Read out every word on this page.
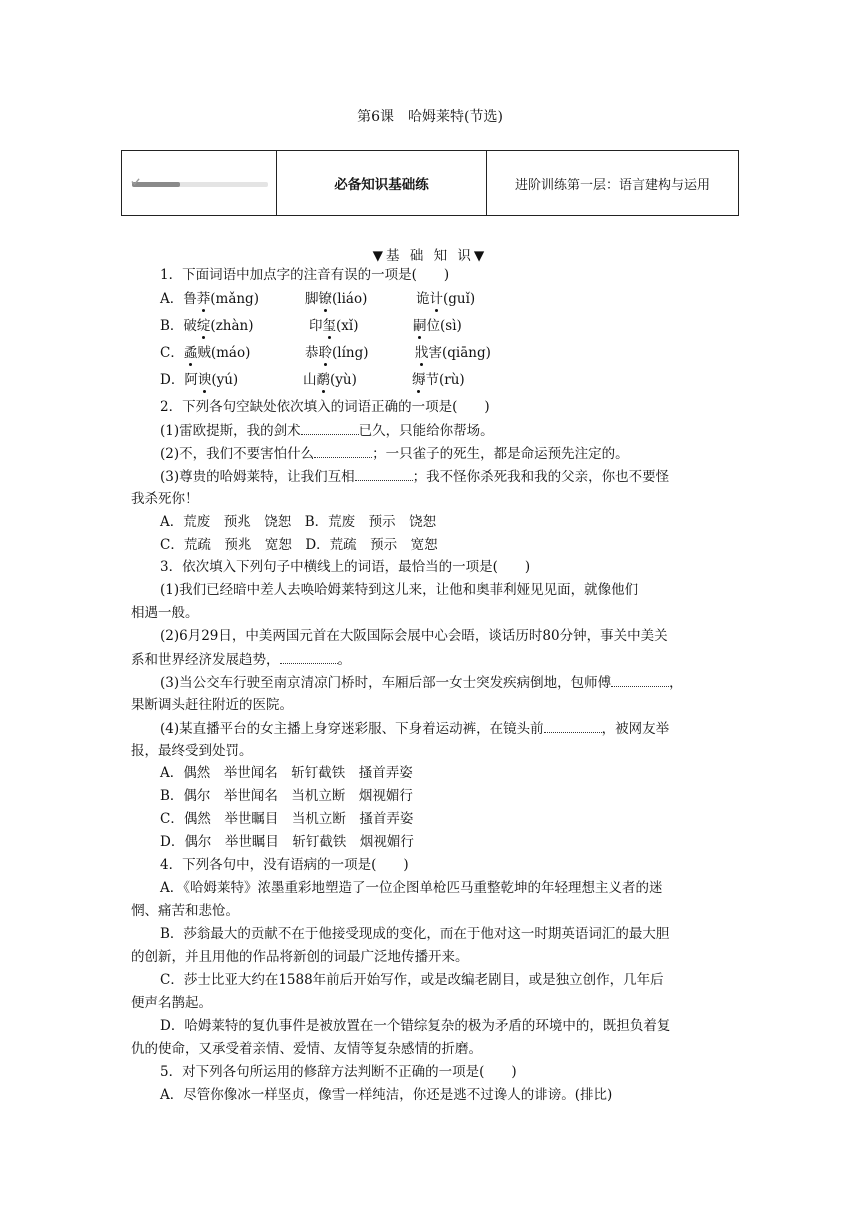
第6课　哈姆莱特(节选)
必备知识基础练	进阶训练第一层：语言建构与运用
▼基 础 知 识▼
1．下面词语中加点字的注音有误的一项是(　　)
A．鲁莽(mǎng)	脚镣(liáo)	诡计(guǐ)
B．破绽(zhàn)	印玺(xǐ)	嗣位(sì)
C．蟊贼(máo)	恭聆(líng)	戕害(qiāng)
D．阿谀(yú)	山鹬(yù)	缛节(rù)
2．下列各句空缺处依次填入的词语正确的一项是(　　)
(1)雷欧提斯，我的剑术	已久，只能给你帮场。
(2)不，我们不要害怕什么	；一只雀子的死生，都是命运预先注定的。
(3)尊贵的哈姆莱特，让我们互相	；我不怪你杀死我和我的父亲，你也不要怪
我杀死你！
A．荒废　预兆　饶恕　B．荒废　预示　饶恕
C．荒疏　预兆　宽恕　D．荒疏　预示　宽恕
3．依次填入下列句子中横线上的词语，最恰当的一项是(　　)
(1)我们已经暗中差人去唤哈姆莱特到这儿来，让他和奥菲利娅见见面，就像他们
相遇一般。
(2)6月29日，中美两国元首在大阪国际会展中心会晤，谈话历时80分钟，事关中美关
系和世界经济发展趋势，	。
(3)当公交车行驶至南京清凉门桥时，车厢后部一女士突发疾病倒地，包师傅	，
果断调头赶往附近的医院。
(4)某直播平台的女主播上身穿迷彩服、下身着运动裤，在镜头前	，被网友举
报，最终受到处罚。
A．偶然　举世闻名　斩钉截铁　搔首弄姿
B．偶尔　举世闻名　当机立断　烟视媚行
C．偶然　举世瞩目　当机立断　搔首弄姿
D．偶尔　举世瞩目　斩钉截铁　烟视媚行
4．下列各句中，没有语病的一项是(　　)
A．《哈姆莱特》浓墨重彩地塑造了一位企图单枪匹马重整乾坤的年轻理想主义者的迷
惘、痛苦和悲怆。
B．莎翁最大的贡献不在于他接受现成的变化，而在于他对这一时期英语词汇的最大胆
的创新，并且用他的作品将新创的词最广泛地传播开来。
C．莎士比亚大约在1588年前后开始写作，或是改编老剧目，或是独立创作，几年后
便声名鹊起。
D．哈姆莱特的复仇事件是被放置在一个错综复杂的极为矛盾的环境中的，既担负着复
仇的使命，又承受着亲情、爱情、友情等复杂感情的折磨。
5．对下列各句所运用的修辞方法判断不正确的一项是(　　)
A．尽管你像冰一样坚贞，像雪一样纯洁，你还是逃不过谗人的诽谤。(排比)
